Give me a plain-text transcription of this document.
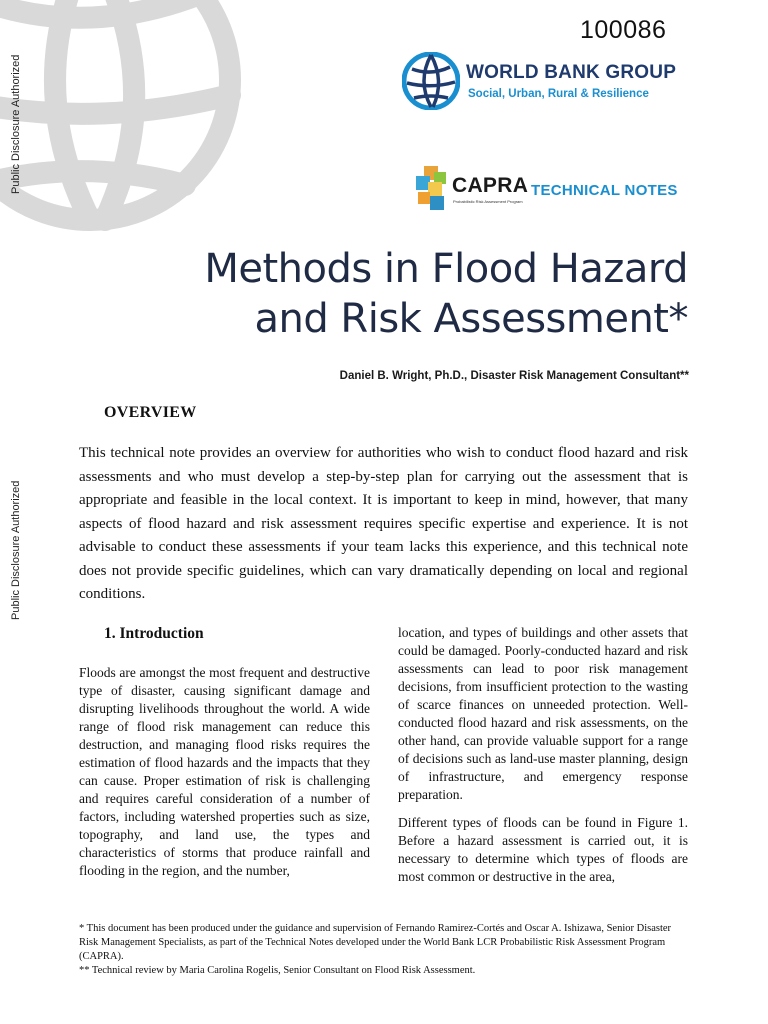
Public Disclosure Authorized
Public Disclosure Authorized
100086
WORLD BANK GROUP
Social, Urban, Rural & Resilience
CAPRA
Probabilistic Risk Assessment Program
TECHNICAL NOTES
Methods in Flood Hazard
and Risk Assessment*
Daniel B. Wright, Ph.D., Disaster Risk Management Consultant**
OVERVIEW
This technical note provides an overview for authorities who wish to conduct flood hazard and risk assessments and who must develop a step-by-step plan for carrying out the assessment that is appropriate and feasible in the local context. It is important to keep in mind, however, that many aspects of flood hazard and risk assessment requires specific expertise and experience. It is not advisable to conduct these assessments if your team lacks this experience, and this technical note does not provide specific guidelines, which can vary dramatically depending on local and regional conditions.
1. Introduction
Floods are amongst the most frequent and destructive type of disaster, causing significant damage and disrupting livelihoods throughout the world. A wide range of flood risk management can reduce this destruction, and managing flood risks requires the estimation of flood hazards and the impacts that they can cause. Proper estimation of risk is challenging and requires careful consideration of a number of factors, including watershed properties such as size, topography, and land use, the types and characteristics of storms that produce rainfall and flooding in the region, and the number,

location, and types of buildings and other assets that could be damaged. Poorly-conducted hazard and risk assessments can lead to poor risk management decisions, from insufficient protection to the wasting of scarce finances on unneeded protection. Well-conducted flood hazard and risk assessments, on the other hand, can provide valuable support for a range of decisions such as land-use master planning, design of infrastructure, and emergency response preparation.

Different types of floods can be found in Figure 1. Before a hazard assessment is carried out, it is necessary to determine which types of floods are most common or destructive in the area,

* This document has been produced under the guidance and supervision of Fernando Ramirez-Cortés and Oscar A. Ishizawa, Senior Disaster Risk Management Specialists, as part of the Technical Notes developed under the World Bank LCR Probabilistic Risk Assessment Program (CAPRA).
** Technical review by Maria Carolina Rogelis, Senior Consultant on Flood Risk Assessment.
